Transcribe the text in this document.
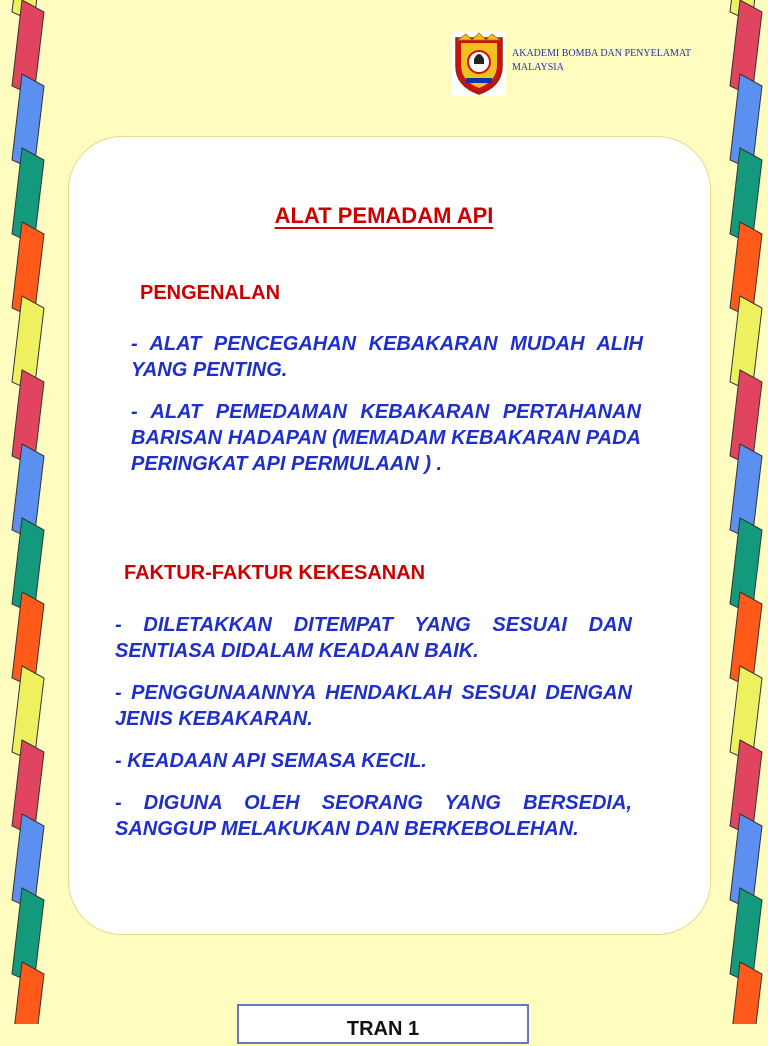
AKADEMI BOMBA DAN PENYELAMAT MALAYSIA
ALAT PEMADAM API
PENGENALAN

- ALAT PENCEGAHAN KEBAKARAN MUDAH ALIH YANG PENTING.

- ALAT PEMEDAMAN KEBAKARAN PERTAHANAN BARISAN HADAPAN (MEMADAM KEBAKARAN PADA PERINGKAT API PERMULAAN ) .

FAKTUR-FAKTUR KEKESANAN

- DILETAKKAN DITEMPAT YANG SESUAI DAN SENTIASA DIDALAM KEADAAN BAIK.

- PENGGUNAANNYA HENDAKLAH SESUAI DENGAN JENIS KEBAKARAN.

- KEADAAN API SEMASA KECIL.

- DIGUNA OLEH SEORANG YANG BERSEDIA, SANGGUP MELAKUKAN DAN BERKEBOLEHAN.

TRAN 1
